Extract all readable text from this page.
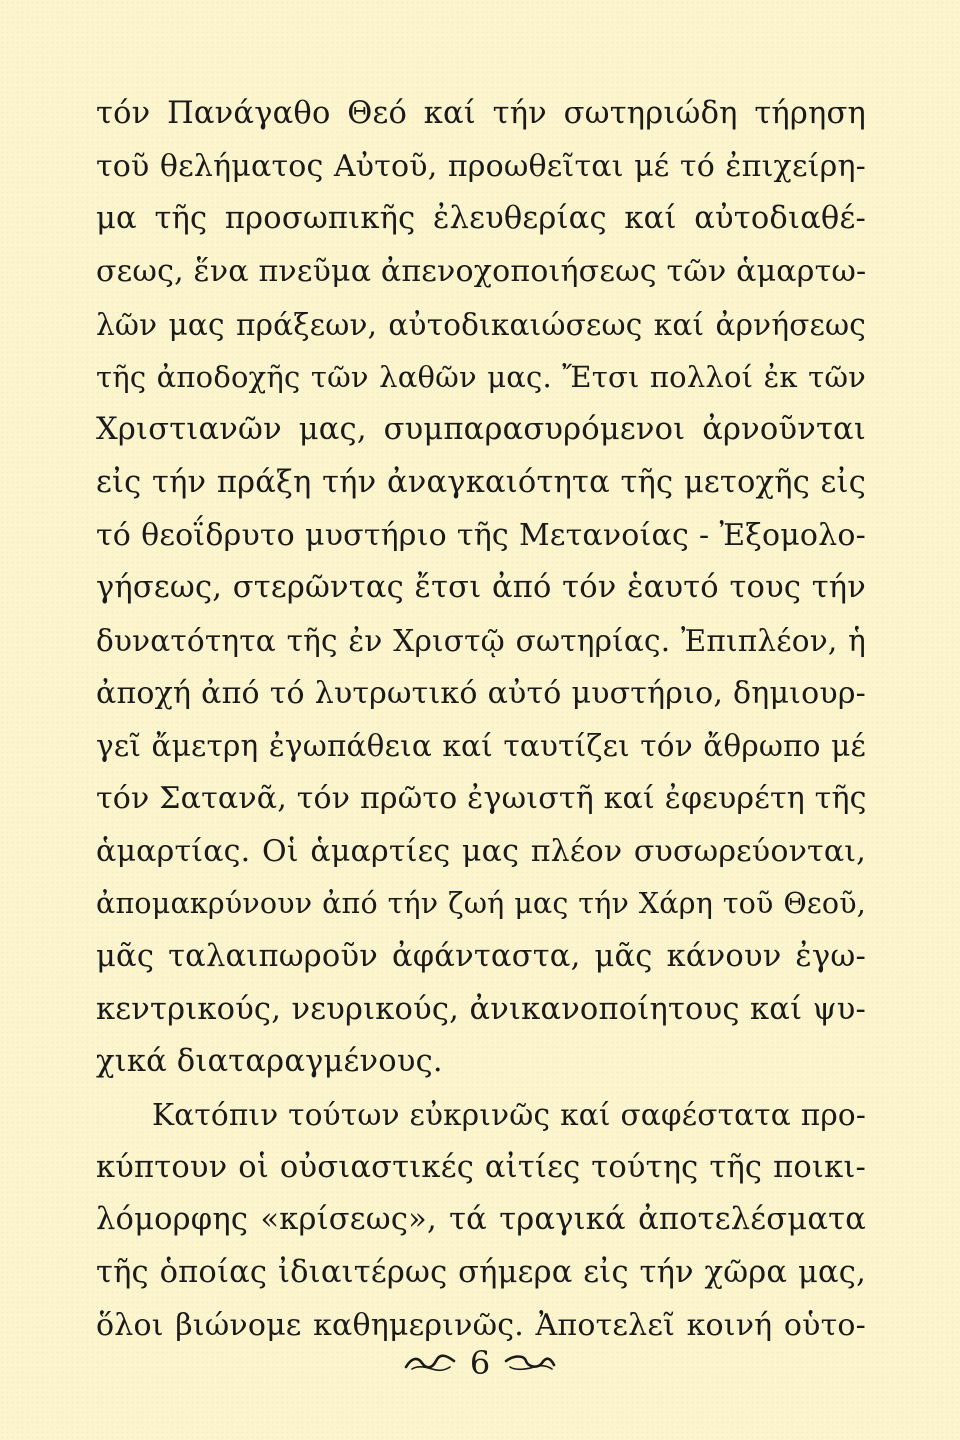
τόν Πανάγαθο Θεό καί τήν σωτηριώδη τήρηση
τοῦ θελήματος Αὐτοῦ, προωθεῖται μέ τό ἐπιχείρη-
μα τῆς προσωπικῆς ἐλευθερίας καί αὐτοδιαθέ-
σεως, ἕνα πνεῦμα ἀπενοχοποιήσεως τῶν ἁμαρτω-
λῶν μας πράξεων, αὐτοδικαιώσεως καί ἀρνήσεως
τῆς ἀποδοχῆς τῶν λαθῶν μας. Ἔτσι πολλοί ἐκ τῶν
Χριστιανῶν μας, συμπαρασυρόμενοι ἀρνοῦνται
εἰς τήν πράξη τήν ἀναγκαιότητα τῆς μετοχῆς εἰς
τό θεοΐδρυτο μυστήριο τῆς Μετανοίας - Ἐξομολο-
γήσεως, στερῶντας ἔτσι ἀπό τόν ἑαυτό τους τήν
δυνατότητα τῆς ἐν Χριστῷ σωτηρίας. Ἐπιπλέον, ἡ
ἀποχή ἀπό τό λυτρωτικό αὐτό μυστήριο, δημιουρ-
γεῖ ἄμετρη ἐγωπάθεια καί ταυτίζει τόν ἄθρωπο μέ
τόν Σατανᾶ, τόν πρῶτο ἐγωιστῆ καί ἐφευρέτη τῆς
ἁμαρτίας. Οἱ ἁμαρτίες μας πλέον συσωρεύονται,
ἀπομακρύνουν ἀπό τήν ζωή μας τήν Χάρη τοῦ Θεοῦ,
μᾶς ταλαιπωροῦν ἀφάνταστα, μᾶς κάνουν ἐγω-
κεντρικούς, νευρικούς, ἀνικανοποίητους καί ψυ-
χικά διαταραγμένους.
Κατόπιν τούτων εὐκρινῶς καί σαφέστατα προ-
κύπτουν οἱ οὐσιαστικές αἰτίες τούτης τῆς ποικι-
λόμορφης «κρίσεως», τά τραγικά ἀποτελέσματα
τῆς ὁποίας ἰδιαιτέρως σήμερα εἰς τήν χῶρα μας,
ὅλοι βιώνομε καθημερινῶς. Ἀποτελεῖ κοινή οὑτο-
6
